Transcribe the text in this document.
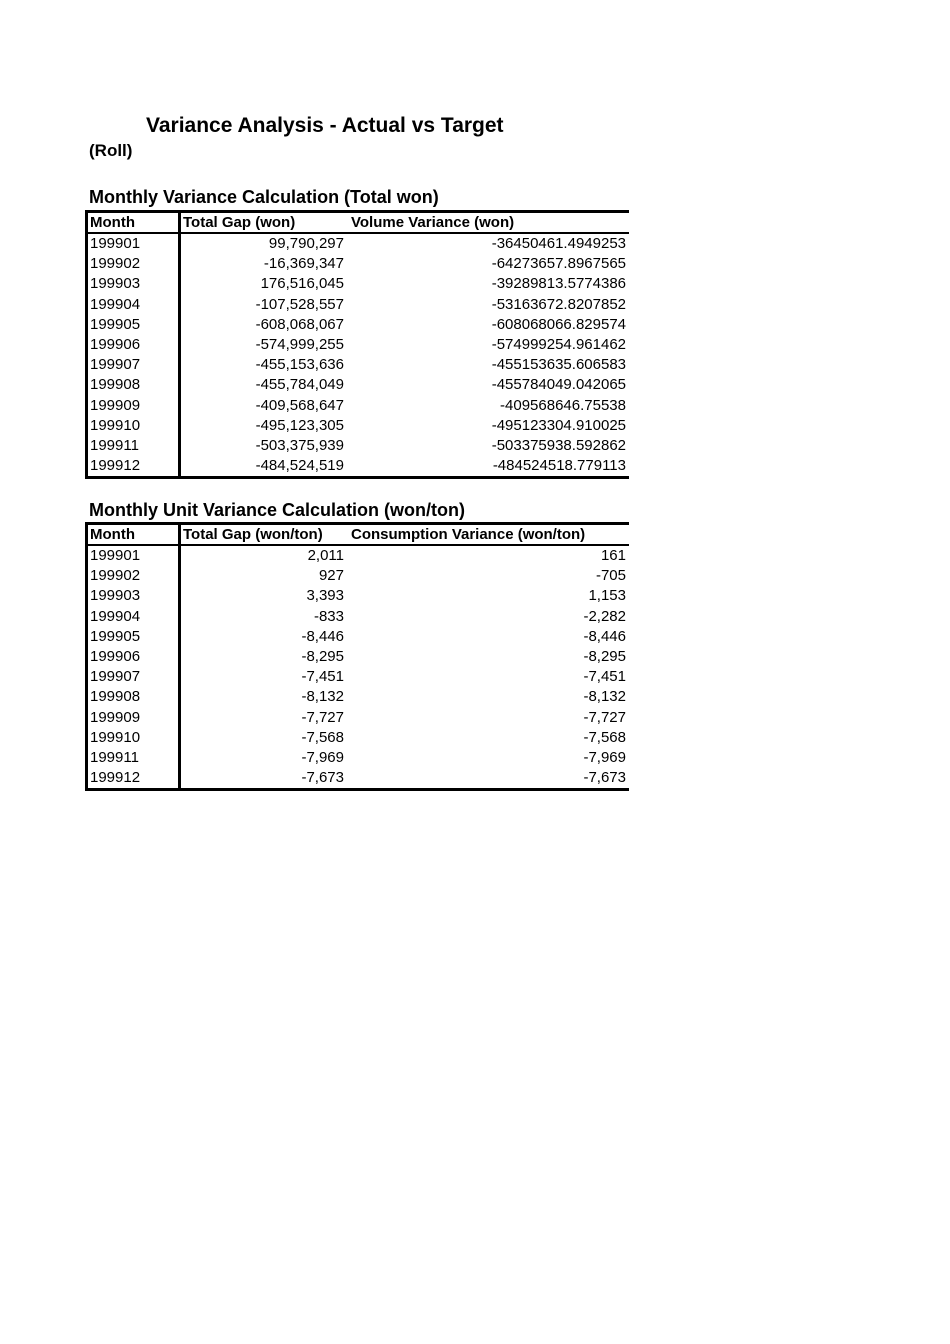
Variance Analysis - Actual vs Target
(Roll)
Monthly Variance Calculation (Total won)
Month	Total Gap (won)	Volume Variance (won)
199901	99,790,297	-36450461.4949253
199902	-16,369,347	-64273657.8967565
199903	176,516,045	-39289813.5774386
199904	-107,528,557	-53163672.8207852
199905	-608,068,067	-608068066.829574
199906	-574,999,255	-574999254.961462
199907	-455,153,636	-455153635.606583
199908	-455,784,049	-455784049.042065
199909	-409,568,647	-409568646.75538
199910	-495,123,305	-495123304.910025
199911	-503,375,939	-503375938.592862
199912	-484,524,519	-484524518.779113
Monthly Unit Variance Calculation (won/ton)
Month	Total Gap (won/ton)	Consumption Variance (won/ton)
199901	2,011	161
199902	927	-705
199903	3,393	1,153
199904	-833	-2,282
199905	-8,446	-8,446
199906	-8,295	-8,295
199907	-7,451	-7,451
199908	-8,132	-8,132
199909	-7,727	-7,727
199910	-7,568	-7,568
199911	-7,969	-7,969
199912	-7,673	-7,673
